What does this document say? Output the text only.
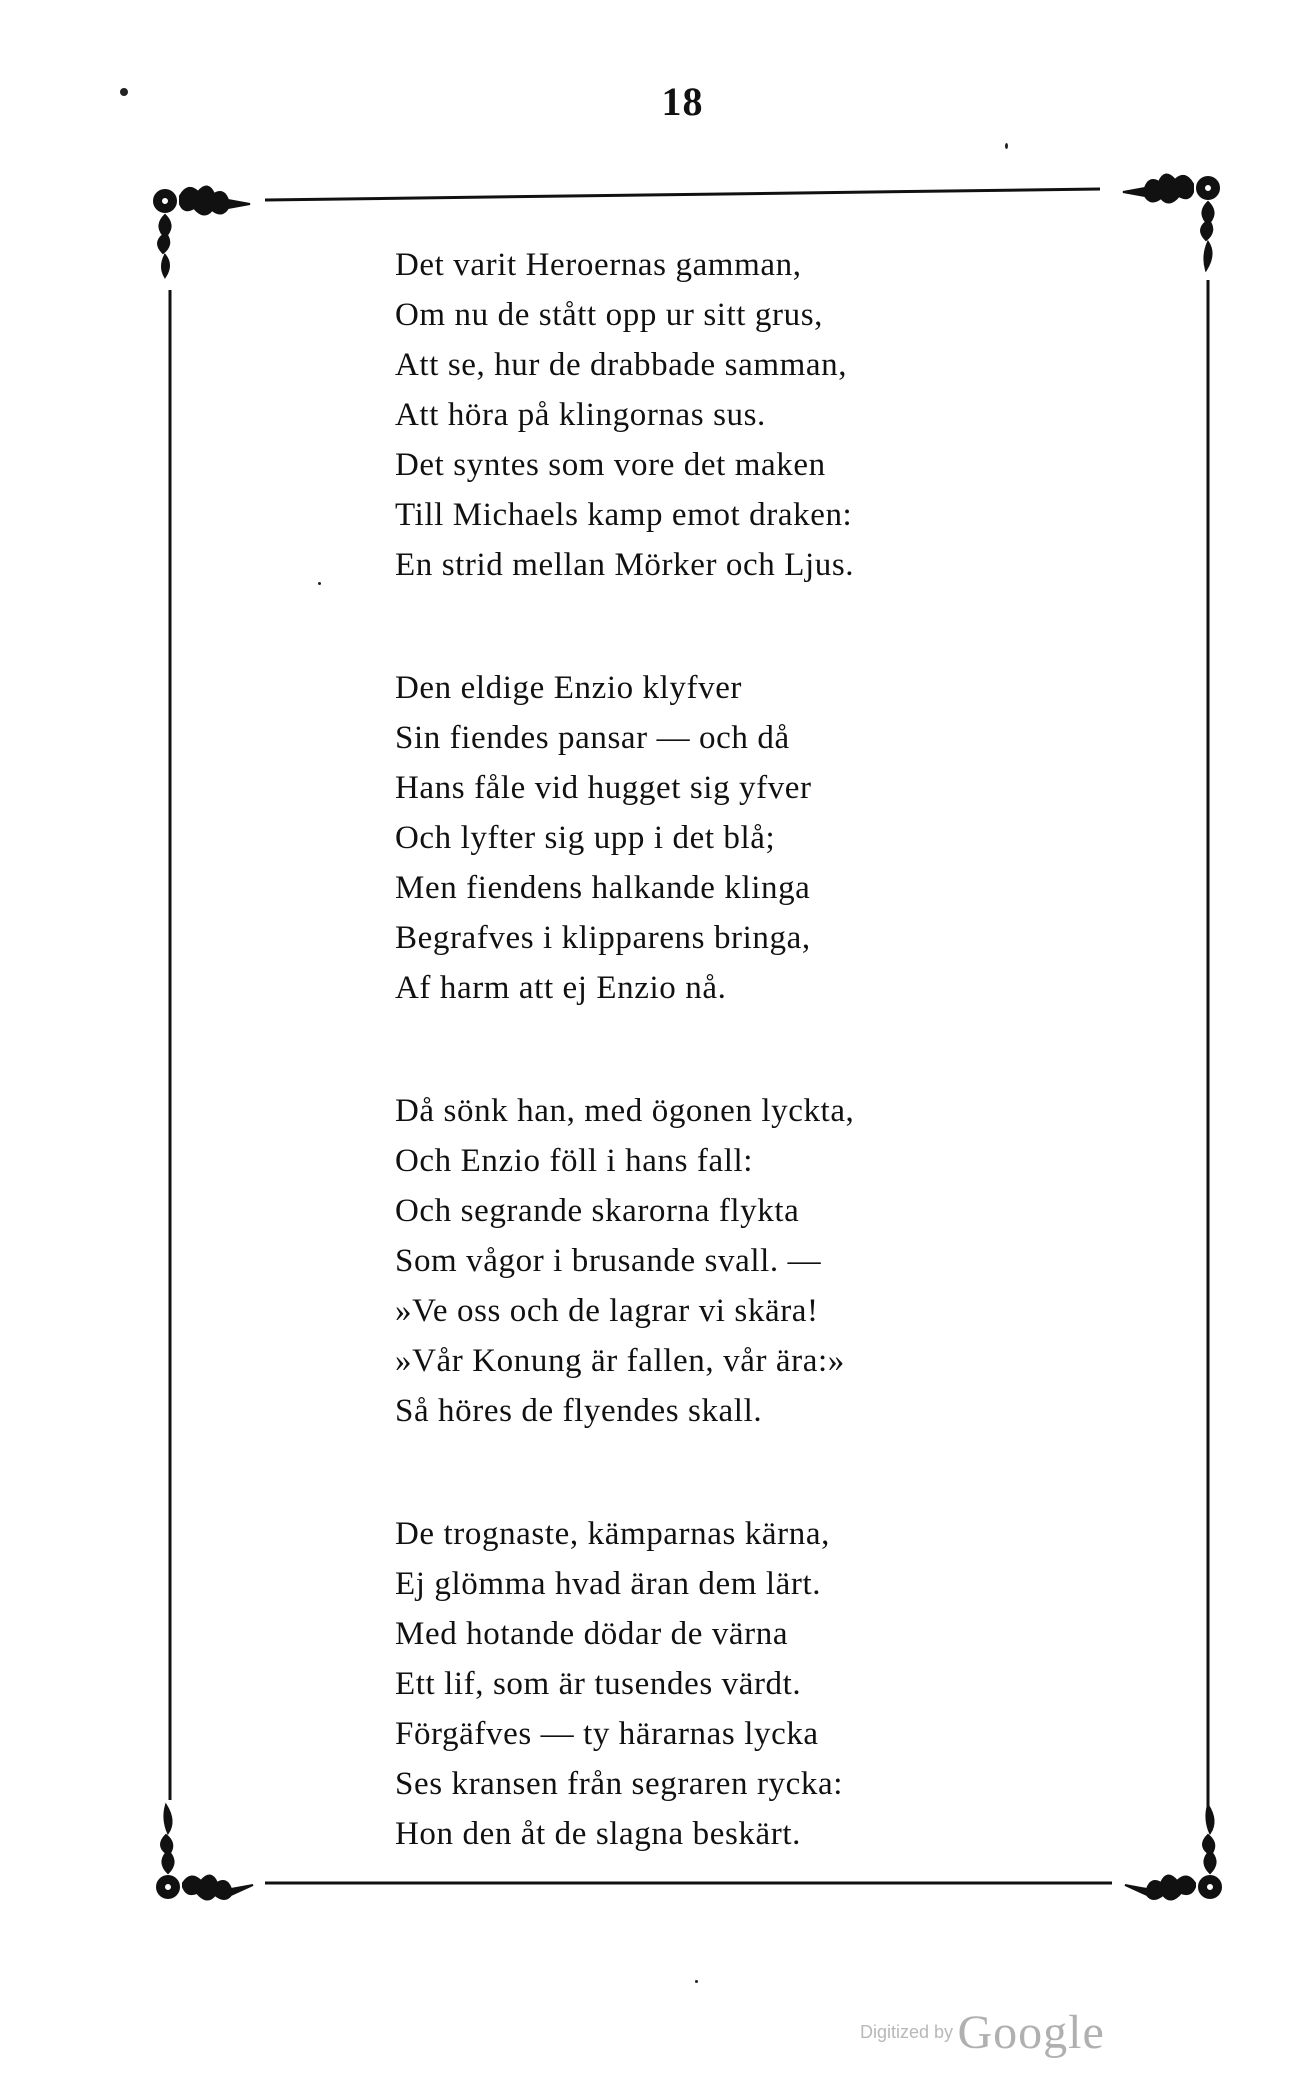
18
Det varit Heroernas gamman,
Om nu de stått opp ur sitt grus,
Att se, hur de drabbade samman,
Att höra på klingornas sus.
Det syntes som vore det maken
Till Michaels kamp emot draken:
En strid mellan Mörker och Ljus.
Den eldige Enzio klyfver
Sin fiendes pansar — och då
Hans fåle vid hugget sig yfver
Och lyfter sig upp i det blå;
Men fiendens halkande klinga
Begrafves i klipparens bringa,
Af harm att ej Enzio nå.
Då sönk han, med ögonen lyckta,
Och Enzio föll i hans fall:
Och segrande skarorna flykta
Som vågor i brusande svall. —
»Ve oss och de lagrar vi skära!
»Vår Konung är fallen, vår ära:»
Så höres de flyendes skall.
De trognaste, kämparnas kärna,
Ej glömma hvad äran dem lärt.
Med hotande dödar de värna
Ett lif, som är tusendes värdt.
Förgäfves — ty härarnas lycka
Ses kransen från segraren rycka:
Hon den åt de slagna beskärt.
Digitized by Google
